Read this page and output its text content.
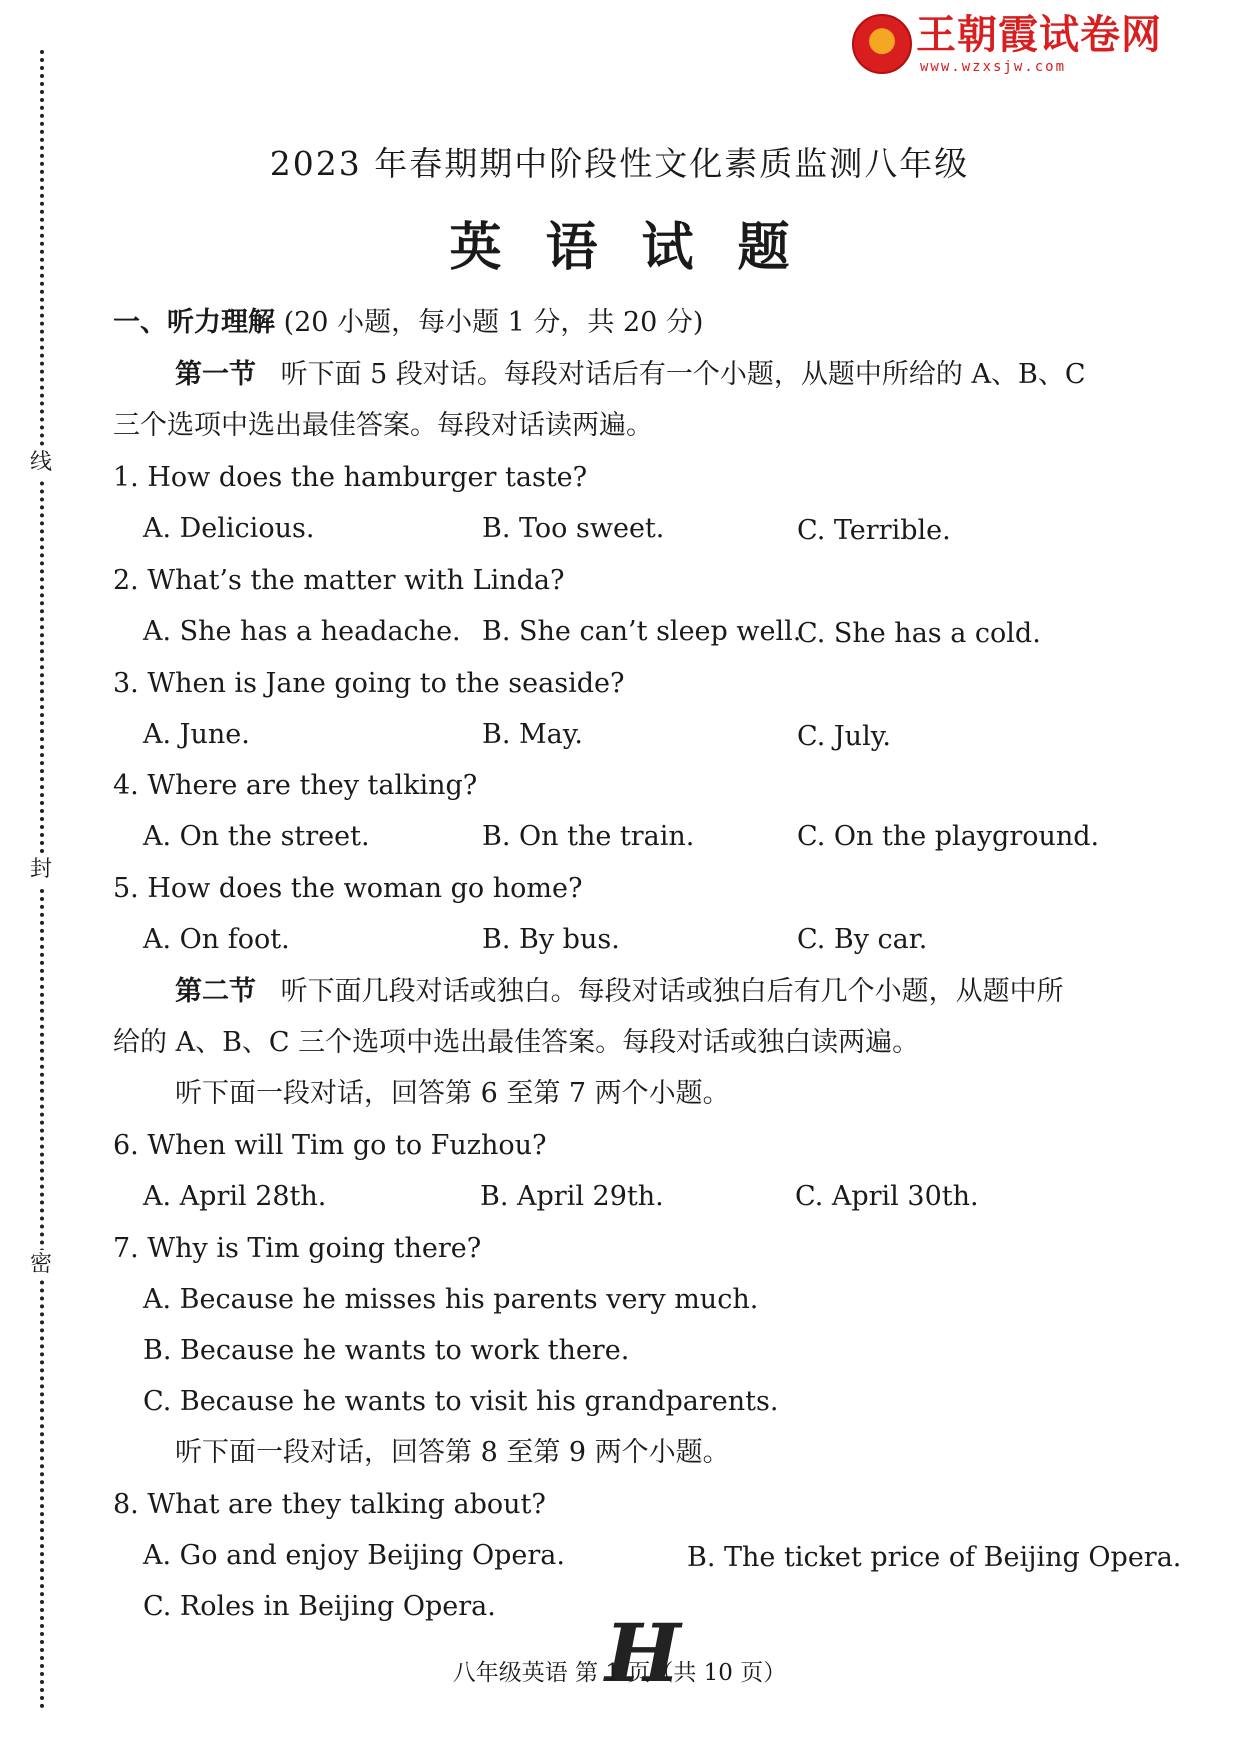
线
封
密
王朝霞试卷网
www.wzxsjw.com
2023 年春期期中阶段性文化素质监测八年级
英语试题
一、听力理解 (20 小题，每小题 1 分，共 20 分)
第一节 听下面 5 段对话。每段对话后有一个小题，从题中所给的 A、B、C
三个选项中选出最佳答案。每段对话读两遍。
1. How does the hamburger taste?
A. Delicious.	B. Too sweet.	C. Terrible.
2. What’s the matter with Linda?
A. She has a headache. B. She can’t sleep well.
C. She has a cold.
3. When is Jane going to the seaside?
A. June.	B. May.	C. July.
4. Where are they talking?
A. On the street.	B. On the train.	C. On the playground.
5. How does the woman go home?
A. On foot.	B. By bus.	C. By car.
第二节 听下面几段对话或独白。每段对话或独白后有几个小题，从题中所
给的 A、B、C 三个选项中选出最佳答案。每段对话或独白读两遍。
听下面一段对话，回答第 6 至第 7 两个小题。
6. When will Tim go to Fuzhou?
A. April 28th.	B. April 29th.	C. April 30th.
7. Why is Tim going there?
A. Because he misses his parents very much.
B. Because he wants to work there.
C. Because he wants to visit his grandparents.
听下面一段对话，回答第 8 至第 9 两个小题。
8. What are they talking about?
A. Go and enjoy Beijing Opera.	B. The ticket price of Beijing Opera.
C. Roles in Beijing Opera. H
八年级英语 第 1 页（共 10 页）
